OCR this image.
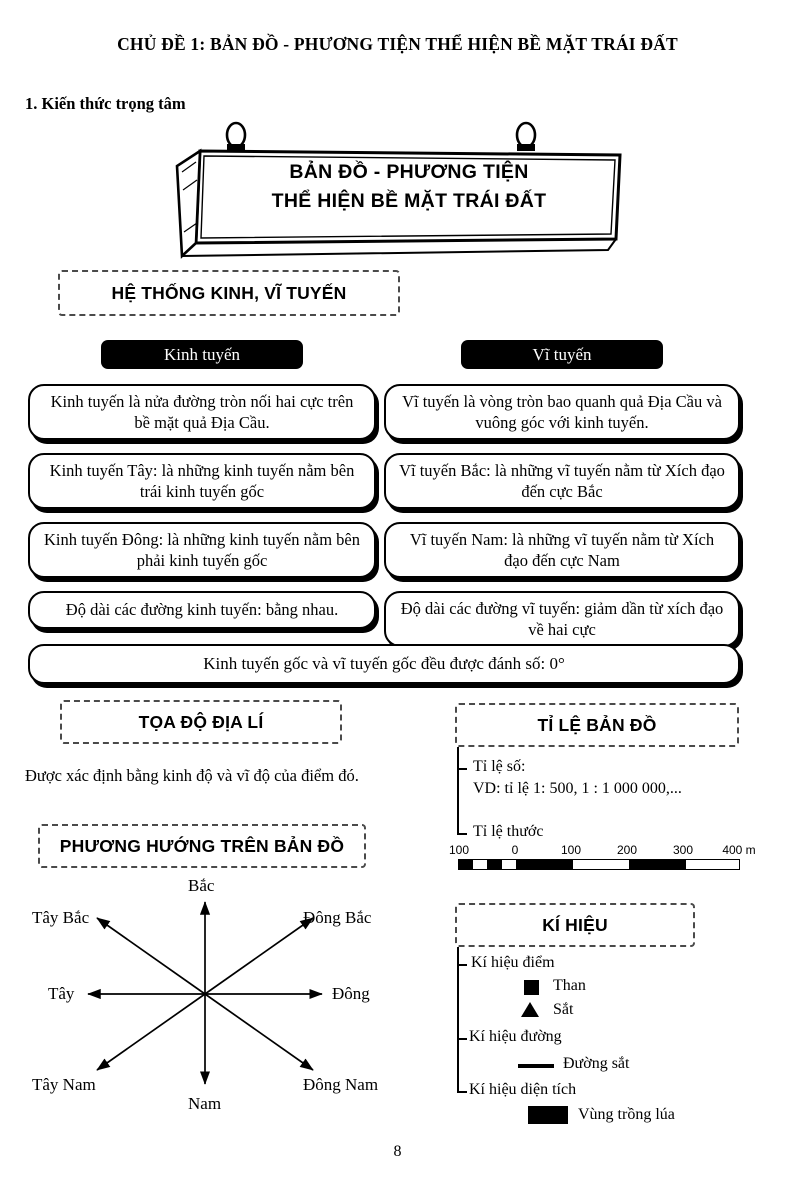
CHỦ ĐỀ 1: BẢN ĐỒ - PHƯƠNG TIỆN THỂ HIỆN BỀ MẶT TRÁI ĐẤT
1. Kiến thức trọng tâm
BẢN ĐỒ - PHƯƠNG TIỆN
THỂ HIỆN BỀ MẶT TRÁI ĐẤT
HỆ THỐNG KINH, VĨ TUYẾN
Kinh tuyến
Kinh tuyến là nửa đường tròn nối hai cực trên bề mặt quả Địa Cầu.
Kinh tuyến Tây: là những kinh tuyến nằm bên trái kinh tuyến gốc
Kinh tuyến Đông: là những kinh tuyến nằm bên phải kinh tuyến gốc
Độ dài các đường kinh tuyến: bằng nhau.
Vĩ tuyến
Vĩ tuyến là vòng tròn bao quanh quả Địa Cầu và vuông góc với kinh tuyến.
Vĩ tuyến Bắc: là những vĩ tuyến nằm từ Xích đạo đến cực Bắc
Vĩ tuyến Nam: là những vĩ tuyến nằm từ Xích đạo đến cực Nam
Độ dài các đường vĩ tuyến: giảm dần từ xích đạo về hai cực
Kinh tuyến gốc và vĩ tuyến gốc đều được đánh số: 0°
TỌA ĐỘ ĐỊA LÍ
Được xác định bằng kinh độ và vĩ độ của điểm đó.
TỈ LỆ BẢN ĐỒ
Tỉ lệ số:
VD: tỉ lệ 1: 500, 1 : 1 000 000,...
Tỉ lệ thước
100	0	100	200	300	400 m
PHƯƠNG HƯỚNG TRÊN BẢN ĐỒ
Bắc
Đông Bắc
Đông
Đông Nam
Nam
Tây Nam
Tây
Tây Bắc	KÍ HIỆU
Kí hiệu điểm
Than
Sắt
Kí hiệu đường
Đường sắt
Kí hiệu diện tích
Vùng trồng lúa
8
